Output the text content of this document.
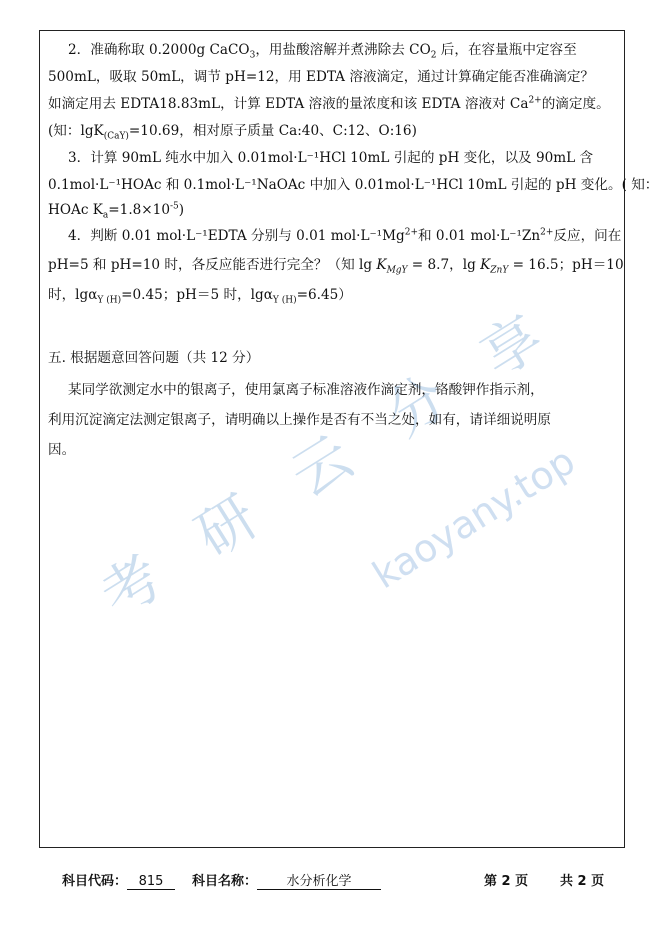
考
研
云
分
享
kaoyany.top
2．准确称取 0.2000g CaCO$_3$，用盐酸溶解并煮沸除去 $CO_2$ 后，在容量瓶中定容至
500mL，吸取 50mL，调节 pH=12，用 EDTA 溶液滴定，通过计算确定能否准确滴定？
如滴定用去 EDTA18.83mL，计算 EDTA 溶液的量浓度和该 EDTA 溶液对 $Ca^{2+}$的滴定度。
(知：lgK$_{(CaY)}$=10.69，相对原子质量 Ca:40、C:12、O:16)
3．计算 90mL 纯水中加入 0.01mol·L⁻¹HCl 10mL 引起的 pH 变化，以及 90mL 含
0.1mol·L⁻¹HOAc 和 0.1mol·L⁻¹NaOAc 中加入 0.01mol·L⁻¹HCl 10mL 引起的 pH 变化。( 知：
HOAc $K_a=1.8\times 10^{-5}$)
4．判断 0.01 mol·L⁻¹EDTA 分别与 0.01 $mol\cdot L^{-1}Mg^{2+}$和 0.01 $mol\cdot L^{-1}Zn^{2+}$反应，问在
pH=5 和 pH=10 时，各反应能否进行完全？（知 $\lg K_{MgY} = 8.7$，$\lg K_{ZnY} = 16.5$；pH＝10
时，lgα$_{Y (H)}$=0.45；pH＝5 时，lgα$_{Y (H)}$=6.45）
五. 根据题意回答问题（共 12 分）
某同学欲测定水中的银离子，使用氯离子标准溶液作滴定剂，铬酸钾作指示剂，
利用沉淀滴定法测定银离子，请明确以上操作是否有不当之处，如有，请详细说明原
因。
科目代码： 815	科目名称： 水分析化学	第 2 页 共 2 页
